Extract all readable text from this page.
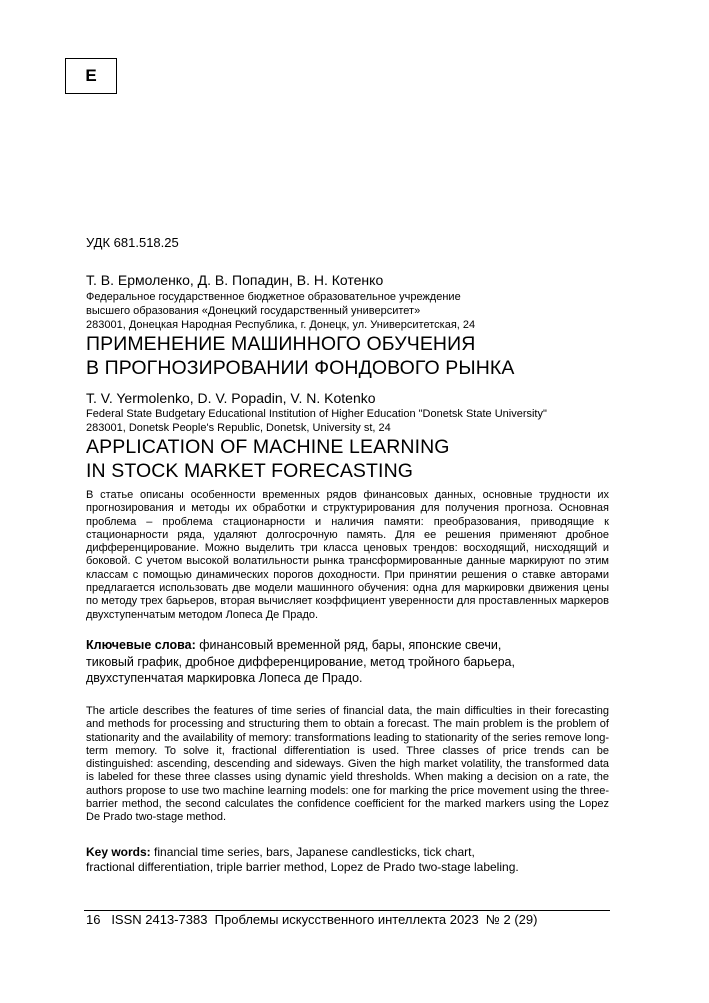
E
УДК 681.518.25
Т. В. Ермоленко, Д. В. Попадин, В. Н. Котенко
Федеральное государственное бюджетное образовательное учреждение
высшего образования «Донецкий государственный университет»
283001, Донецкая Народная Республика, г. Донецк, ул. Университетская, 24
ПРИМЕНЕНИЕ МАШИННОГО ОБУЧЕНИЯ
В ПРОГНОЗИРОВАНИИ ФОНДОВОГО РЫНКА
T. V. Yermolenko, D. V. Popadin, V. N. Kotenko
Federal State Budgetary Educational Institution of Higher Education "Donetsk State University"
283001, Donetsk People's Republic, Donetsk, University st, 24
APPLICATION OF MACHINE LEARNING
IN STOCK MARKET FORECASTING

В статье описаны особенности временных рядов финансовых данных, основные трудности их прогнозирования и методы их обработки и структурирования для получения прогноза. Основная проблема – проблема стационарности и наличия памяти: преобразования, приводящие к стационарности ряда, удаляют долгосрочную память. Для ее решения применяют дробное дифференцирование. Можно выделить три класса ценовых трендов: восходящий, нисходящий и боковой. С учетом высокой волатильности рынка трансформированные данные маркируют по этим классам с помощью динамических порогов доходности. При принятии решения о ставке авторами предлагается использовать две модели машинного обучения: одна для маркировки движения цены по методу трех барьеров, вторая вычисляет коэффициент уверенности для проставленных маркеров двухступенчатым методом Лопеса Де Прадо.

Ключевые слова: финансовый временной ряд, бары, японские свечи,
тиковый график, дробное дифференцирование, метод тройного барьера,
двухступенчатая маркировка Лопеса де Прадо.

The article describes the features of time series of financial data, the main difficulties in their forecasting and methods for processing and structuring them to obtain a forecast. The main problem is the problem of stationarity and the availability of memory: transformations leading to stationarity of the series remove long-term memory. To solve it, fractional differentiation is used. Three classes of price trends can be distinguished: ascending, descending and sideways. Given the high market volatility, the transformed data is labeled for these three classes using dynamic yield thresholds. When making a decision on a rate, the authors propose to use two machine learning models: one for marking the price movement using the three-barrier method, the second calculates the confidence coefficient for the marked markers using the Lopez De Prado two-stage method.

Key words: financial time series, bars, Japanese candlesticks, tick chart,
fractional differentiation, triple barrier method, Lopez de Prado two-stage labeling.
16 ISSN 2413-7383 Проблемы искусственного интеллекта 2023 № 2 (29)
